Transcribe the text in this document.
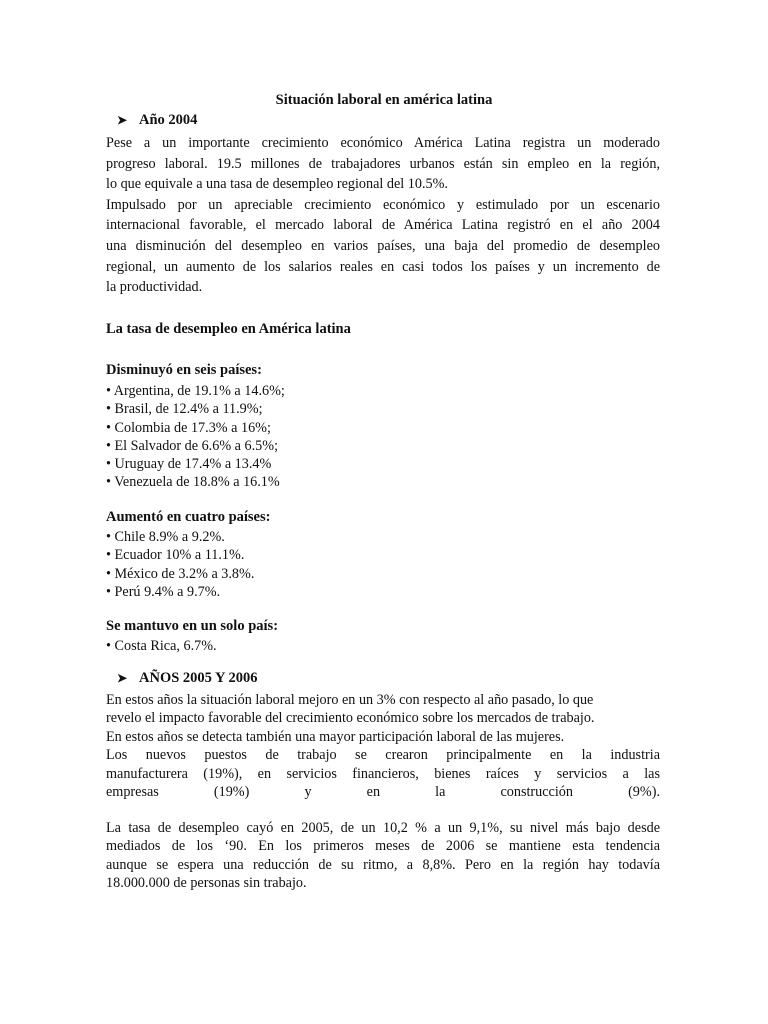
Situación laboral en américa latina
➤ Año 2004
Pese a un importante crecimiento económico América Latina registra un moderado
progreso laboral. 19.5 millones de trabajadores urbanos están sin empleo en la región,
lo que equivale a una tasa de desempleo regional del 10.5%.
Impulsado por un apreciable crecimiento económico y estimulado por un escenario
internacional favorable, el mercado laboral de América Latina registró en el año 2004
una disminución del desempleo en varios países, una baja del promedio de desempleo
regional, un aumento de los salarios reales en casi todos los países y un incremento de
la productividad.
La tasa de desempleo en América latina
Disminuyó en seis países:
• Argentina, de 19.1% a 14.6%;
• Brasil, de 12.4% a 11.9%;
• Colombia de 17.3% a 16%;
• El Salvador de 6.6% a 6.5%;
• Uruguay de 17.4% a 13.4%
• Venezuela de 18.8% a 16.1%
Aumentó en cuatro países:
• Chile 8.9% a 9.2%.
• Ecuador 10% a 11.1%.
• México de 3.2% a 3.8%.
• Perú 9.4% a 9.7%.
Se mantuvo en un solo país:
• Costa Rica, 6.7%.
➤ AÑOS 2005 Y 2006
En estos años la situación laboral mejoro en un 3% con respecto al año pasado, lo que
revelo el impacto favorable del crecimiento económico sobre los mercados de trabajo.
En estos años se detecta también una mayor participación laboral de las mujeres.
Los nuevos puestos de trabajo se crearon principalmente en la industria
manufacturera (19%), en servicios financieros, bienes raíces y servicios a las
empresas (19%) y en la construcción (9%).
La tasa de desempleo cayó en 2005, de un 10,2 % a un 9,1%, su nivel más bajo desde
mediados de los ‘90. En los primeros meses de 2006 se mantiene esta tendencia
aunque se espera una reducción de su ritmo, a 8,8%. Pero en la región hay todavía
18.000.000 de personas sin trabajo.
